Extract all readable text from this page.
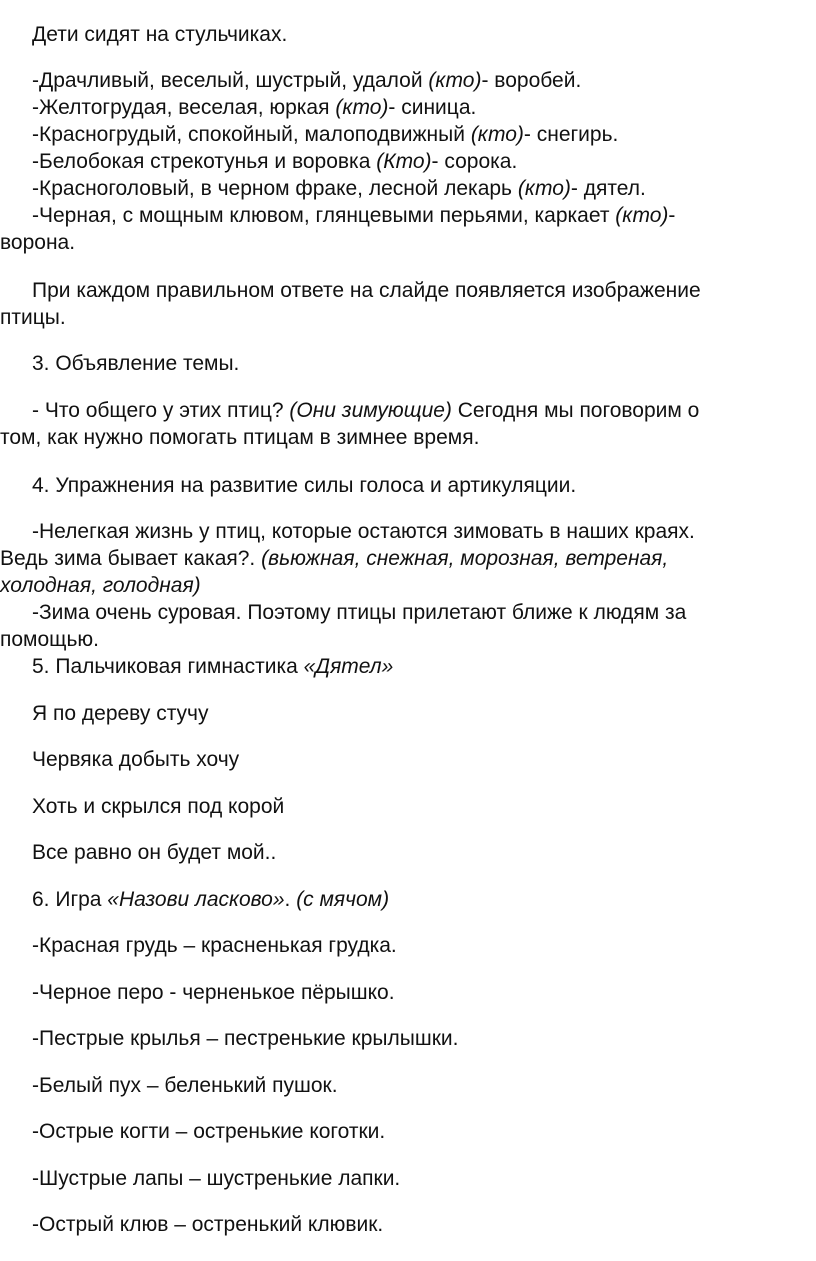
Дети сидят на стульчиках.
-Драчливый, веселый, шустрый, удалой (кто)- воробей.
-Желтогрудая, веселая, юркая (кто)- синица.
-Красногрудый, спокойный, малоподвижный (кто)- снегирь.
-Белобокая стрекотунья и воровка (Кто)- сорока.
-Красноголовый, в черном фраке, лесной лекарь (кто)- дятел.
-Черная, с мощным клювом, глянцевыми перьями, каркает (кто)-
ворона.
При каждом правильном ответе на слайде появляется изображение
птицы.
3. Объявление темы.
- Что общего у этих птиц? (Они зимующие) Сегодня мы поговорим о
том, как нужно помогать птицам в зимнее время.
4. Упражнения на развитие силы голоса и артикуляции.
-Нелегкая жизнь у птиц, которые остаются зимовать в наших краях.
Ведь зима бывает какая?. (вьюжная, снежная, морозная, ветреная,
холодная, голодная)
-Зима очень суровая. Поэтому птицы прилетают ближе к людям за
помощью.
5. Пальчиковая гимнастика «Дятел»
Я по дереву стучу
Червяка добыть хочу
Хоть и скрылся под корой
Все равно он будет мой..
6. Игра «Назови ласково». (с мячом)
-Красная грудь – красненькая грудка.
-Черное перо - черненькое пёрышко.
-Пестрые крылья – пестренькие крылышки.
-Белый пух – беленький пушок.
-Острые когти – остренькие коготки.
-Шустрые лапы – шустренькие лапки.
-Острый клюв – остренький клювик.
